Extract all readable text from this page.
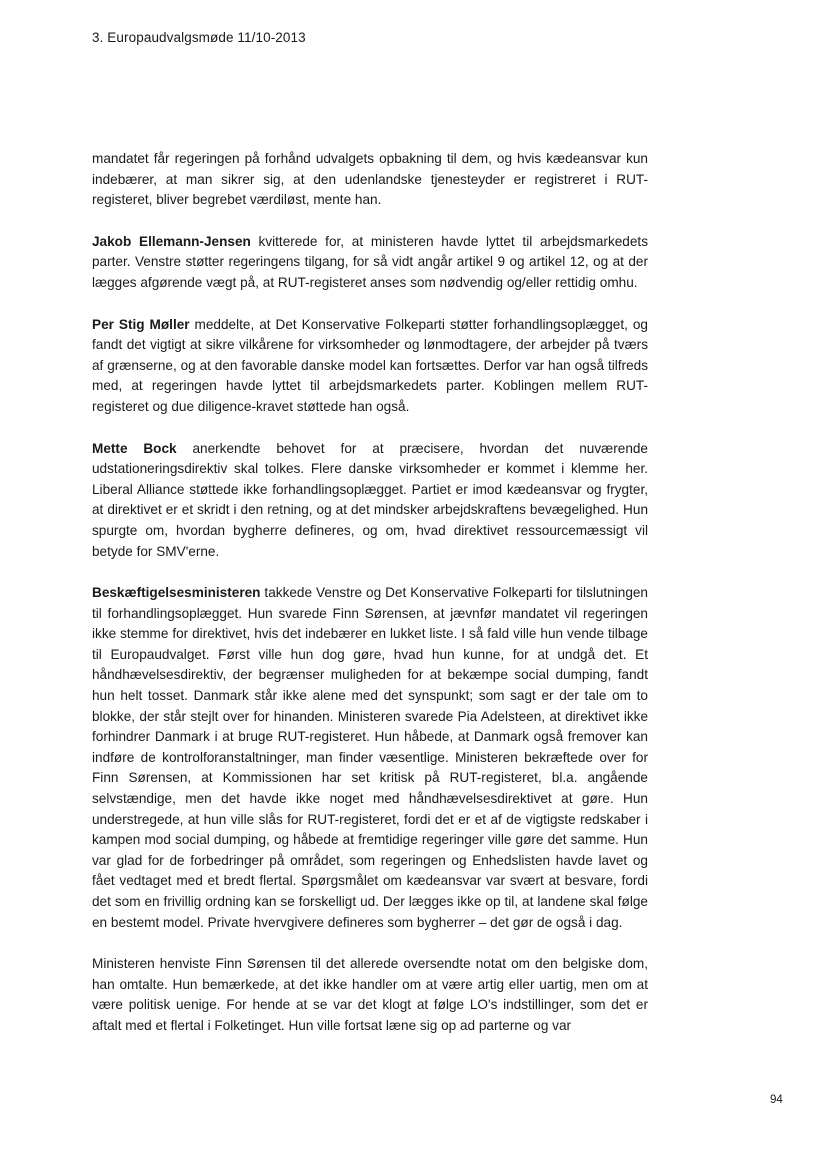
3. Europaudvalgsmøde 11/10-2013

mandatet får regeringen på forhånd udvalgets opbakning til dem, og hvis kædeansvar kun indebærer, at man sikrer sig, at den udenlandske tjenesteyder er registreret i RUT-registeret, bliver begrebet værdiløst, mente han.

Jakob Ellemann-Jensen kvitterede for, at ministeren havde lyttet til arbejdsmarkedets parter. Venstre støtter regeringens tilgang, for så vidt angår artikel 9 og artikel 12, og at der lægges afgørende vægt på, at RUT-registeret anses som nødvendig og/eller rettidig omhu.

Per Stig Møller meddelte, at Det Konservative Folkeparti støtter forhandlingsoplægget, og fandt det vigtigt at sikre vilkårene for virksomheder og lønmodtagere, der arbejder på tværs af grænserne, og at den favorable danske model kan fortsættes. Derfor var han også tilfreds med, at regeringen havde lyttet til arbejdsmarkedets parter. Koblingen mellem RUT-registeret og due diligence-kravet støttede han også.

Mette Bock anerkendte behovet for at præcisere, hvordan det nuværende udstationeringsdirektiv skal tolkes. Flere danske virksomheder er kommet i klemme her. Liberal Alliance støttede ikke forhandlingsoplægget. Partiet er imod kædeansvar og frygter, at direktivet er et skridt i den retning, og at det mindsker arbejdskraftens bevægelighed. Hun spurgte om, hvordan bygherre defineres, og om, hvad direktivet ressourcemæssigt vil betyde for SMV'erne.

Beskæftigelsesministeren takkede Venstre og Det Konservative Folkeparti for tilslutningen til forhandlingsoplægget. Hun svarede Finn Sørensen, at jævnfør mandatet vil regeringen ikke stemme for direktivet, hvis det indebærer en lukket liste. I så fald ville hun vende tilbage til Europaudvalget. Først ville hun dog gøre, hvad hun kunne, for at undgå det. Et håndhævelsesdirektiv, der begrænser muligheden for at bekæmpe social dumping, fandt hun helt tosset. Danmark står ikke alene med det synspunkt; som sagt er der tale om to blokke, der står stejlt over for hinanden. Ministeren svarede Pia Adelsteen, at direktivet ikke forhindrer Danmark i at bruge RUT-registeret. Hun håbede, at Danmark også fremover kan indføre de kontrolforanstaltninger, man finder væsentlige. Ministeren bekræftede over for Finn Sørensen, at Kommissionen har set kritisk på RUT-registeret, bl.a. angående selvstændige, men det havde ikke noget med håndhævelsesdirektivet at gøre. Hun understregede, at hun ville slås for RUT-registeret, fordi det er et af de vigtigste redskaber i kampen mod social dumping, og håbede at fremtidige regeringer ville gøre det samme. Hun var glad for de forbedringer på området, som regeringen og Enhedslisten havde lavet og fået vedtaget med et bredt flertal. Spørgsmålet om kædeansvar var svært at besvare, fordi det som en frivillig ordning kan se forskelligt ud. Der lægges ikke op til, at landene skal følge en bestemt model. Private hvervgivere defineres som bygherrer – det gør de også i dag.

Ministeren henviste Finn Sørensen til det allerede oversendte notat om den belgiske dom, han omtalte. Hun bemærkede, at det ikke handler om at være artig eller uartig, men om at være politisk uenige. For hende at se var det klogt at følge LO's indstillinger, som det er aftalt med et flertal i Folketinget. Hun ville fortsat læne sig op ad parterne og var

94
